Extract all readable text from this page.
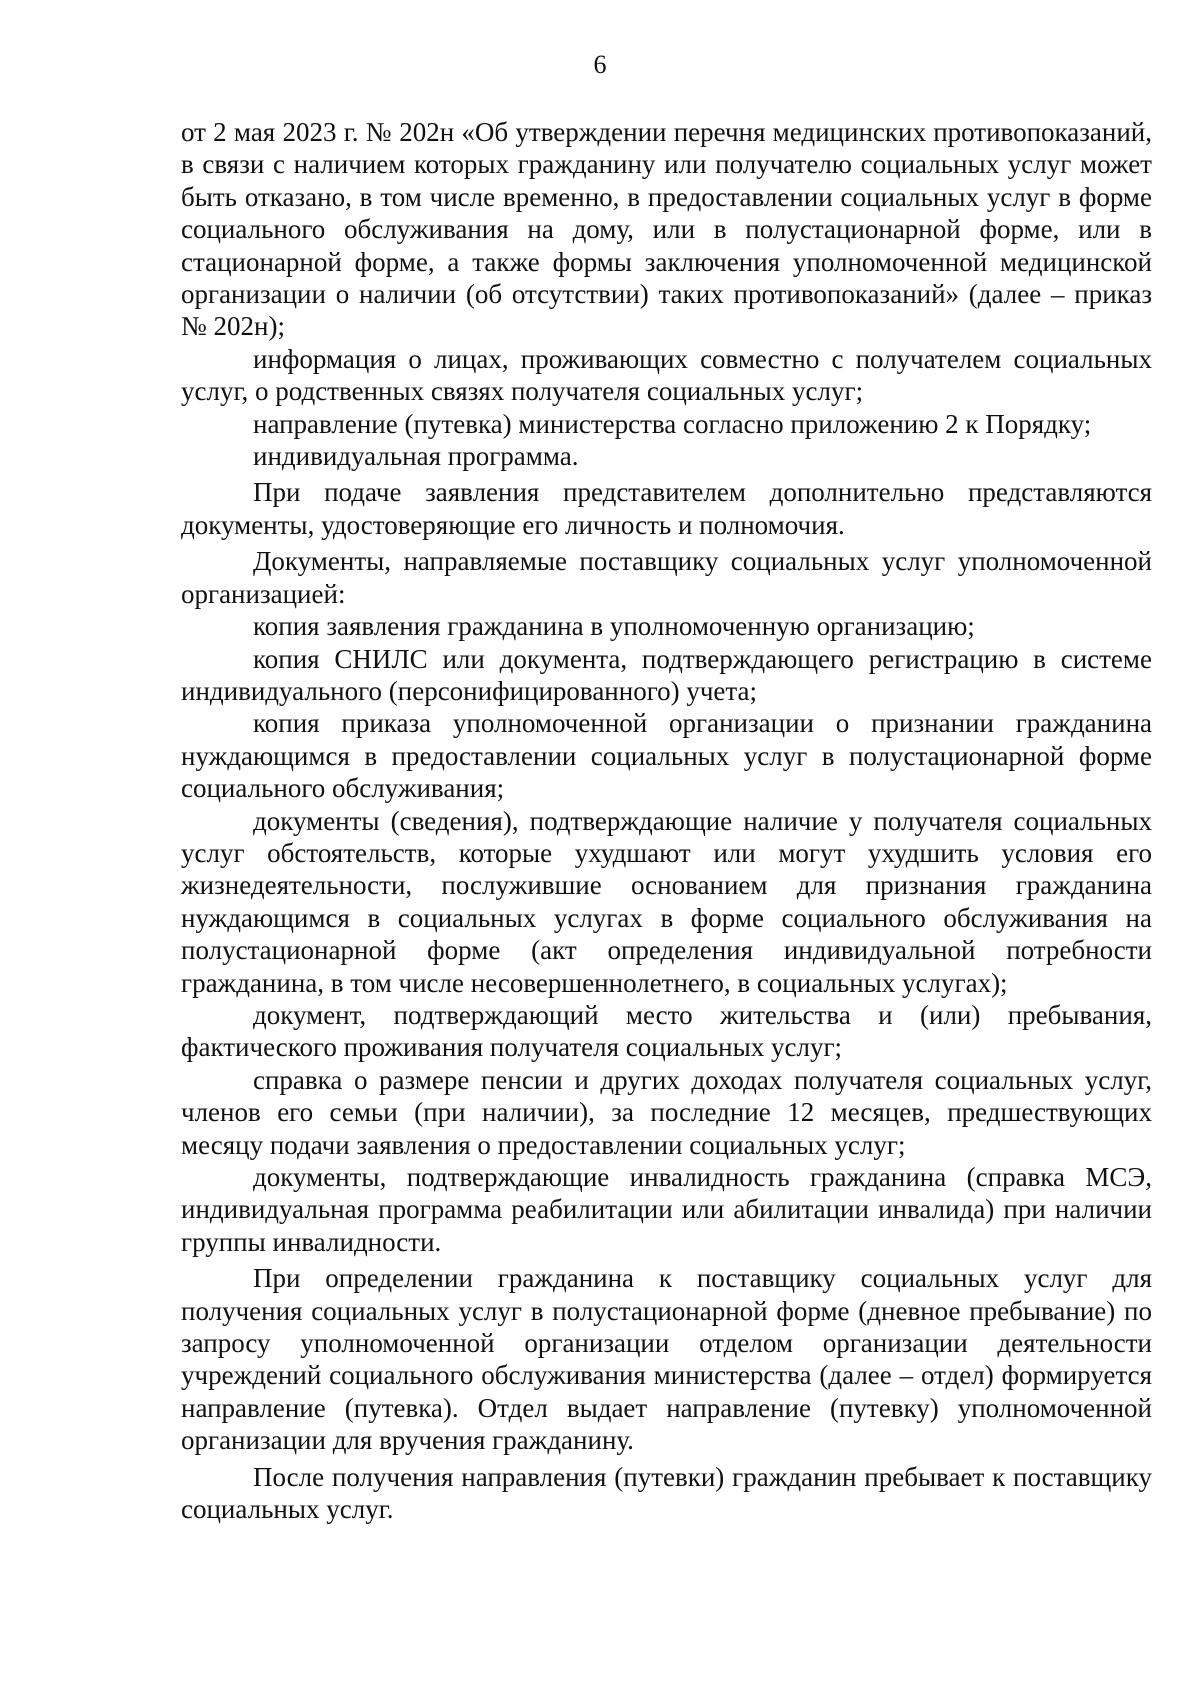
6

от 2 мая 2023 г. № 202н «Об утверждении перечня медицинских противопоказаний, в связи с наличием которых гражданину или получателю социальных услуг может быть отказано, в том числе временно, в предоставлении социальных услуг в форме социального обслуживания на дому, или в полустационарной форме, или в стационарной форме, а также формы заключения уполномоченной медицинской организации о наличии (об отсутствии) таких противопоказаний» (далее – приказ № 202н);

информация о лицах, проживающих совместно с получателем социальных услуг, о родственных связях получателя социальных услуг;

направление (путевка) министерства согласно приложению 2 к Порядку;

индивидуальная программа.

При подаче заявления представителем дополнительно представляются документы, удостоверяющие его личность и полномочия.

Документы, направляемые поставщику социальных услуг уполномоченной организацией:

копия заявления гражданина в уполномоченную организацию;

копия СНИЛС или документа, подтверждающего регистрацию в системе индивидуального (персонифицированного) учета;

копия приказа уполномоченной организации о признании гражданина нуждающимся в предоставлении социальных услуг в полустационарной форме социального обслуживания;

документы (сведения), подтверждающие наличие у получателя социальных услуг обстоятельств, которые ухудшают или могут ухудшить условия его жизнедеятельности, послужившие основанием для признания гражданина нуждающимся в социальных услугах в форме социального обслуживания на полустационарной форме (акт определения индивидуальной потребности гражданина, в том числе несовершеннолетнего, в социальных услугах);

документ, подтверждающий место жительства и (или) пребывания, фактического проживания получателя социальных услуг;

справка о размере пенсии и других доходах получателя социальных услуг, членов его семьи (при наличии), за последние 12 месяцев, предшествующих месяцу подачи заявления о предоставлении социальных услуг;

документы, подтверждающие инвалидность гражданина (справка МСЭ, индивидуальная программа реабилитации или абилитации инвалида) при наличии группы инвалидности.

При определении гражданина к поставщику социальных услуг для получения социальных услуг в полустационарной форме (дневное пребывание) по запросу уполномоченной организации отделом организации деятельности учреждений социального обслуживания министерства (далее – отдел) формируется направление (путевка). Отдел выдает направление (путевку) уполномоченной организации для вручения гражданину.

После получения направления (путевки) гражданин пребывает к поставщику социальных услуг.
